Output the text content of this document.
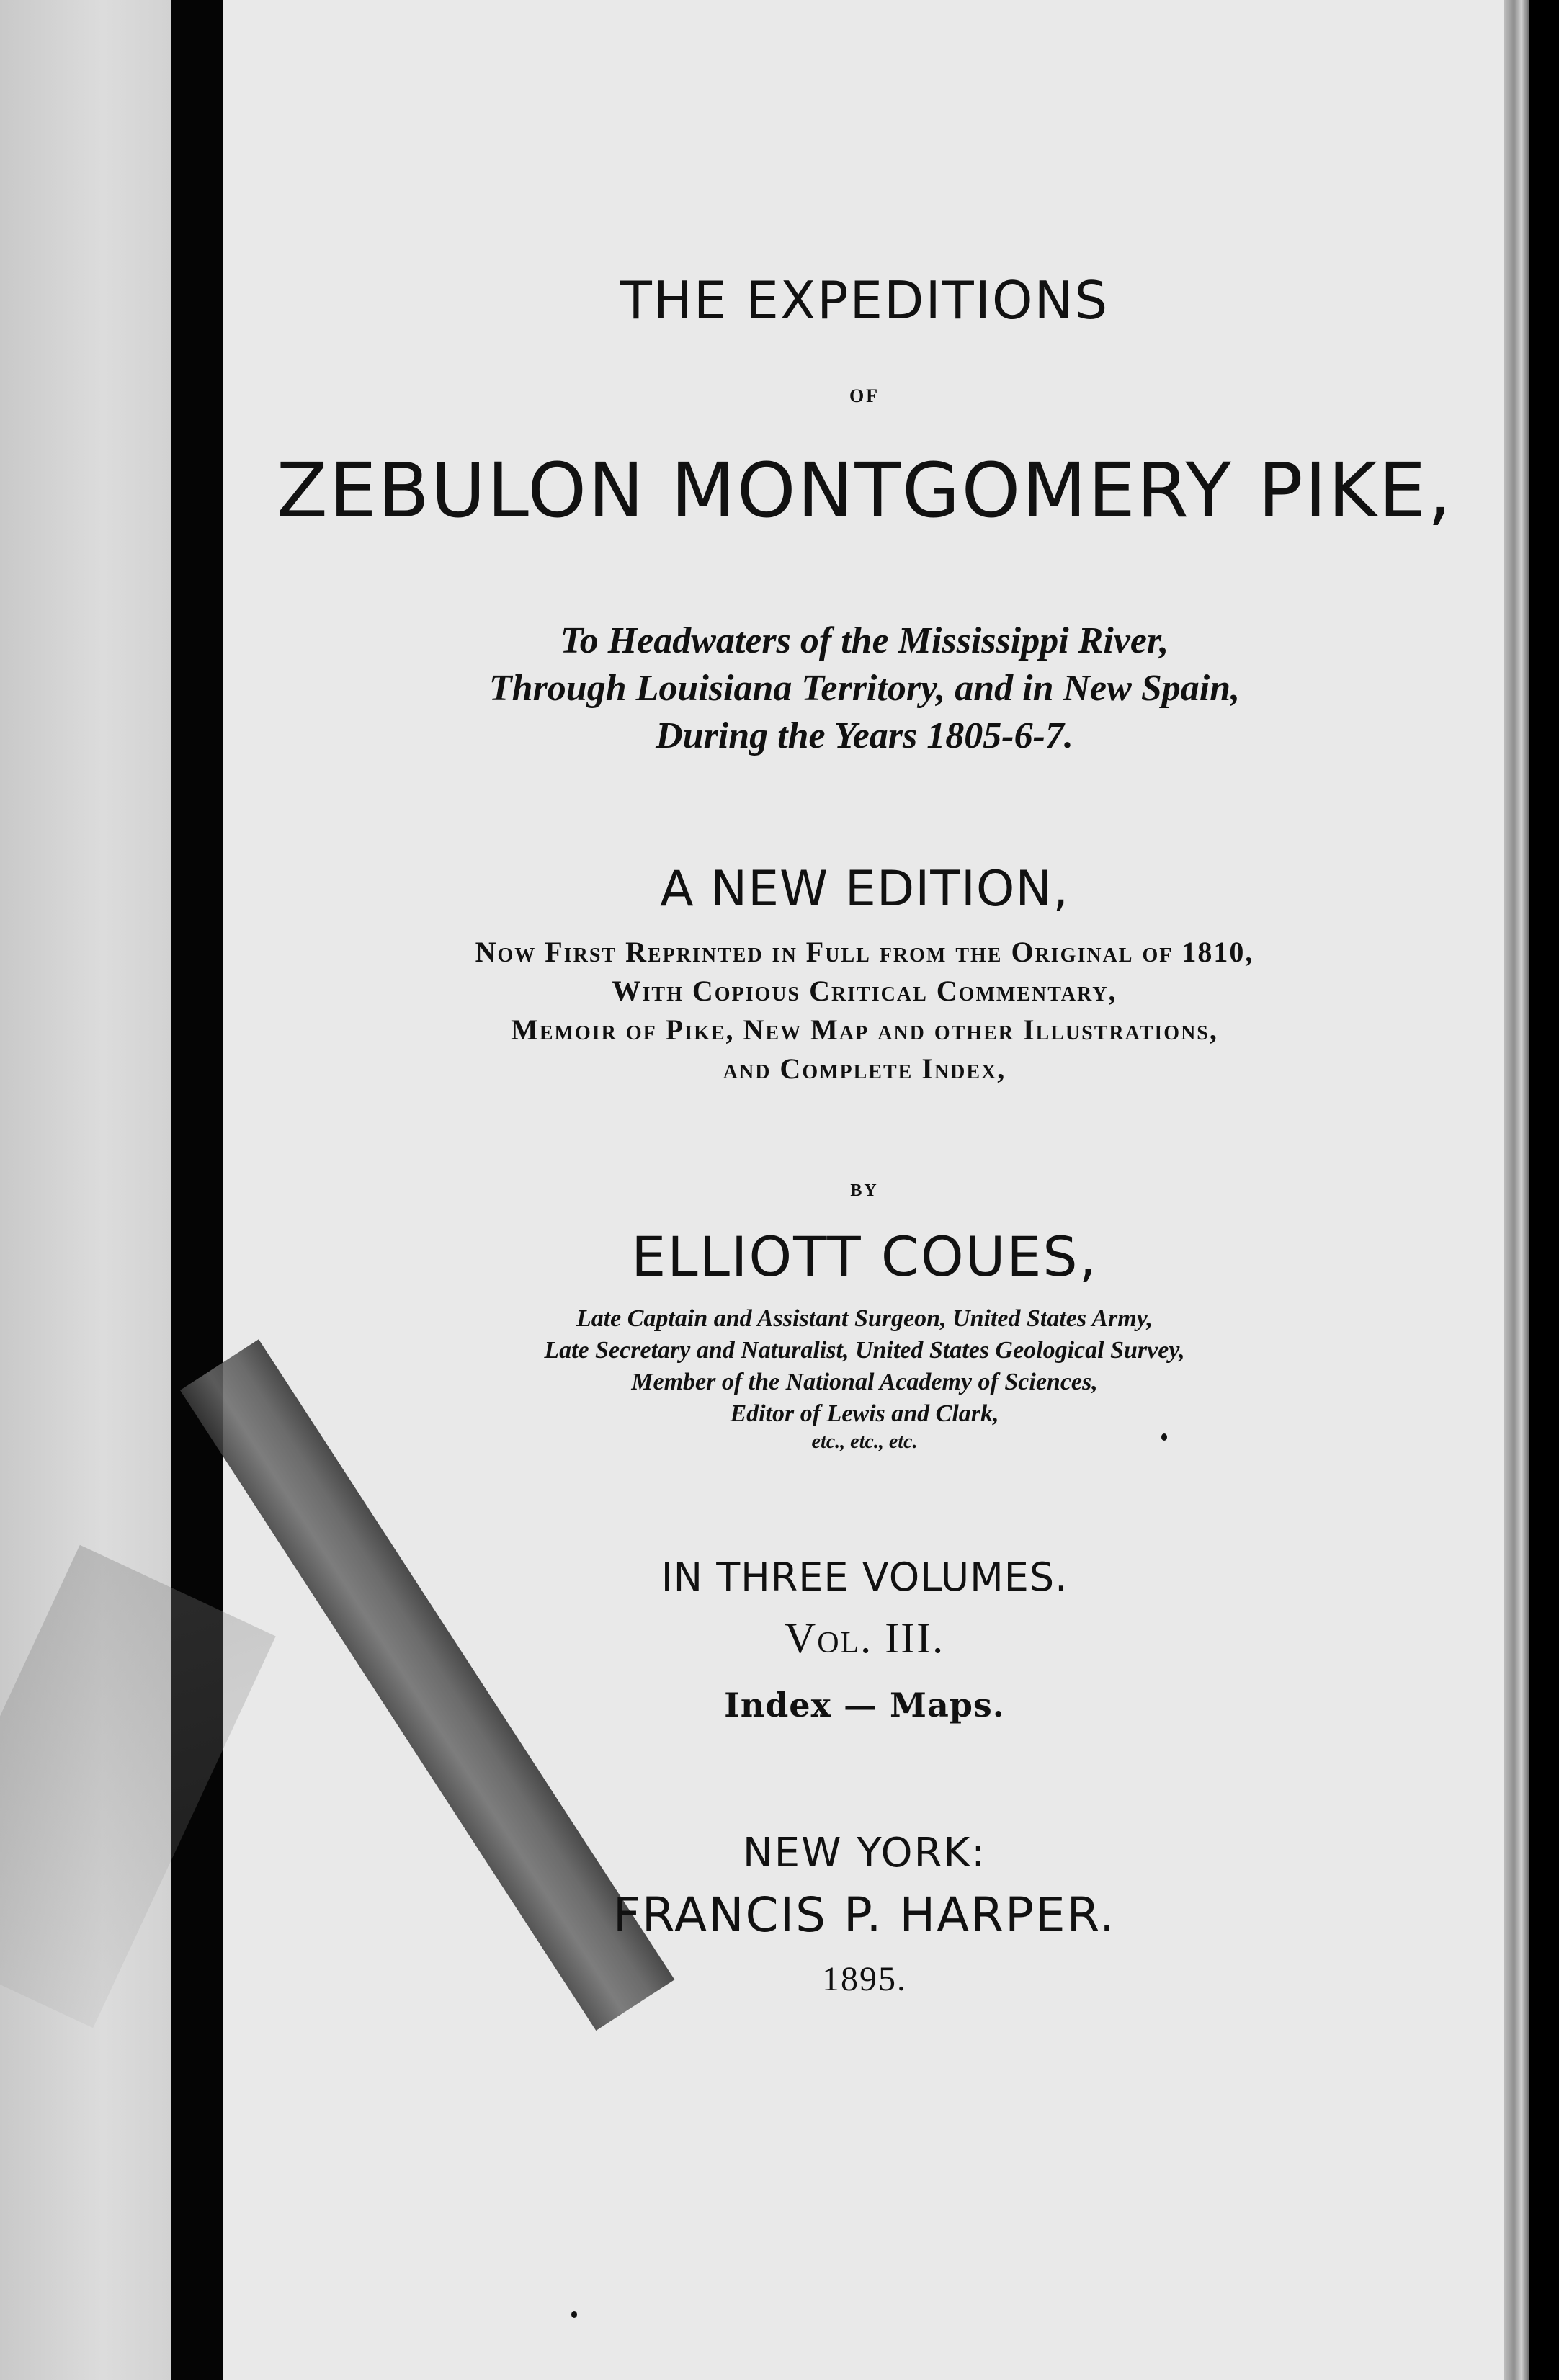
THE EXPEDITIONS
OF
ZEBULON MONTGOMERY PIKE,
To Headwaters of the Mississippi River,
Through Louisiana Territory, and in New Spain,
During the Years 1805-6-7.
A NEW EDITION,
Now First Reprinted in Full from the Original of 1810,
With Copious Critical Commentary,
Memoir of Pike, New Map and other Illustrations,
and Complete Index,
BY
ELLIOTT COUES,
Late Captain and Assistant Surgeon, United States Army,
Late Secretary and Naturalist, United States Geological Survey,
Member of the National Academy of Sciences,
Editor of Lewis and Clark,
etc., etc., etc.
IN THREE VOLUMES.
Vol. III.
Index — Maps.
NEW YORK:
FRANCIS P. HARPER.
1895.
